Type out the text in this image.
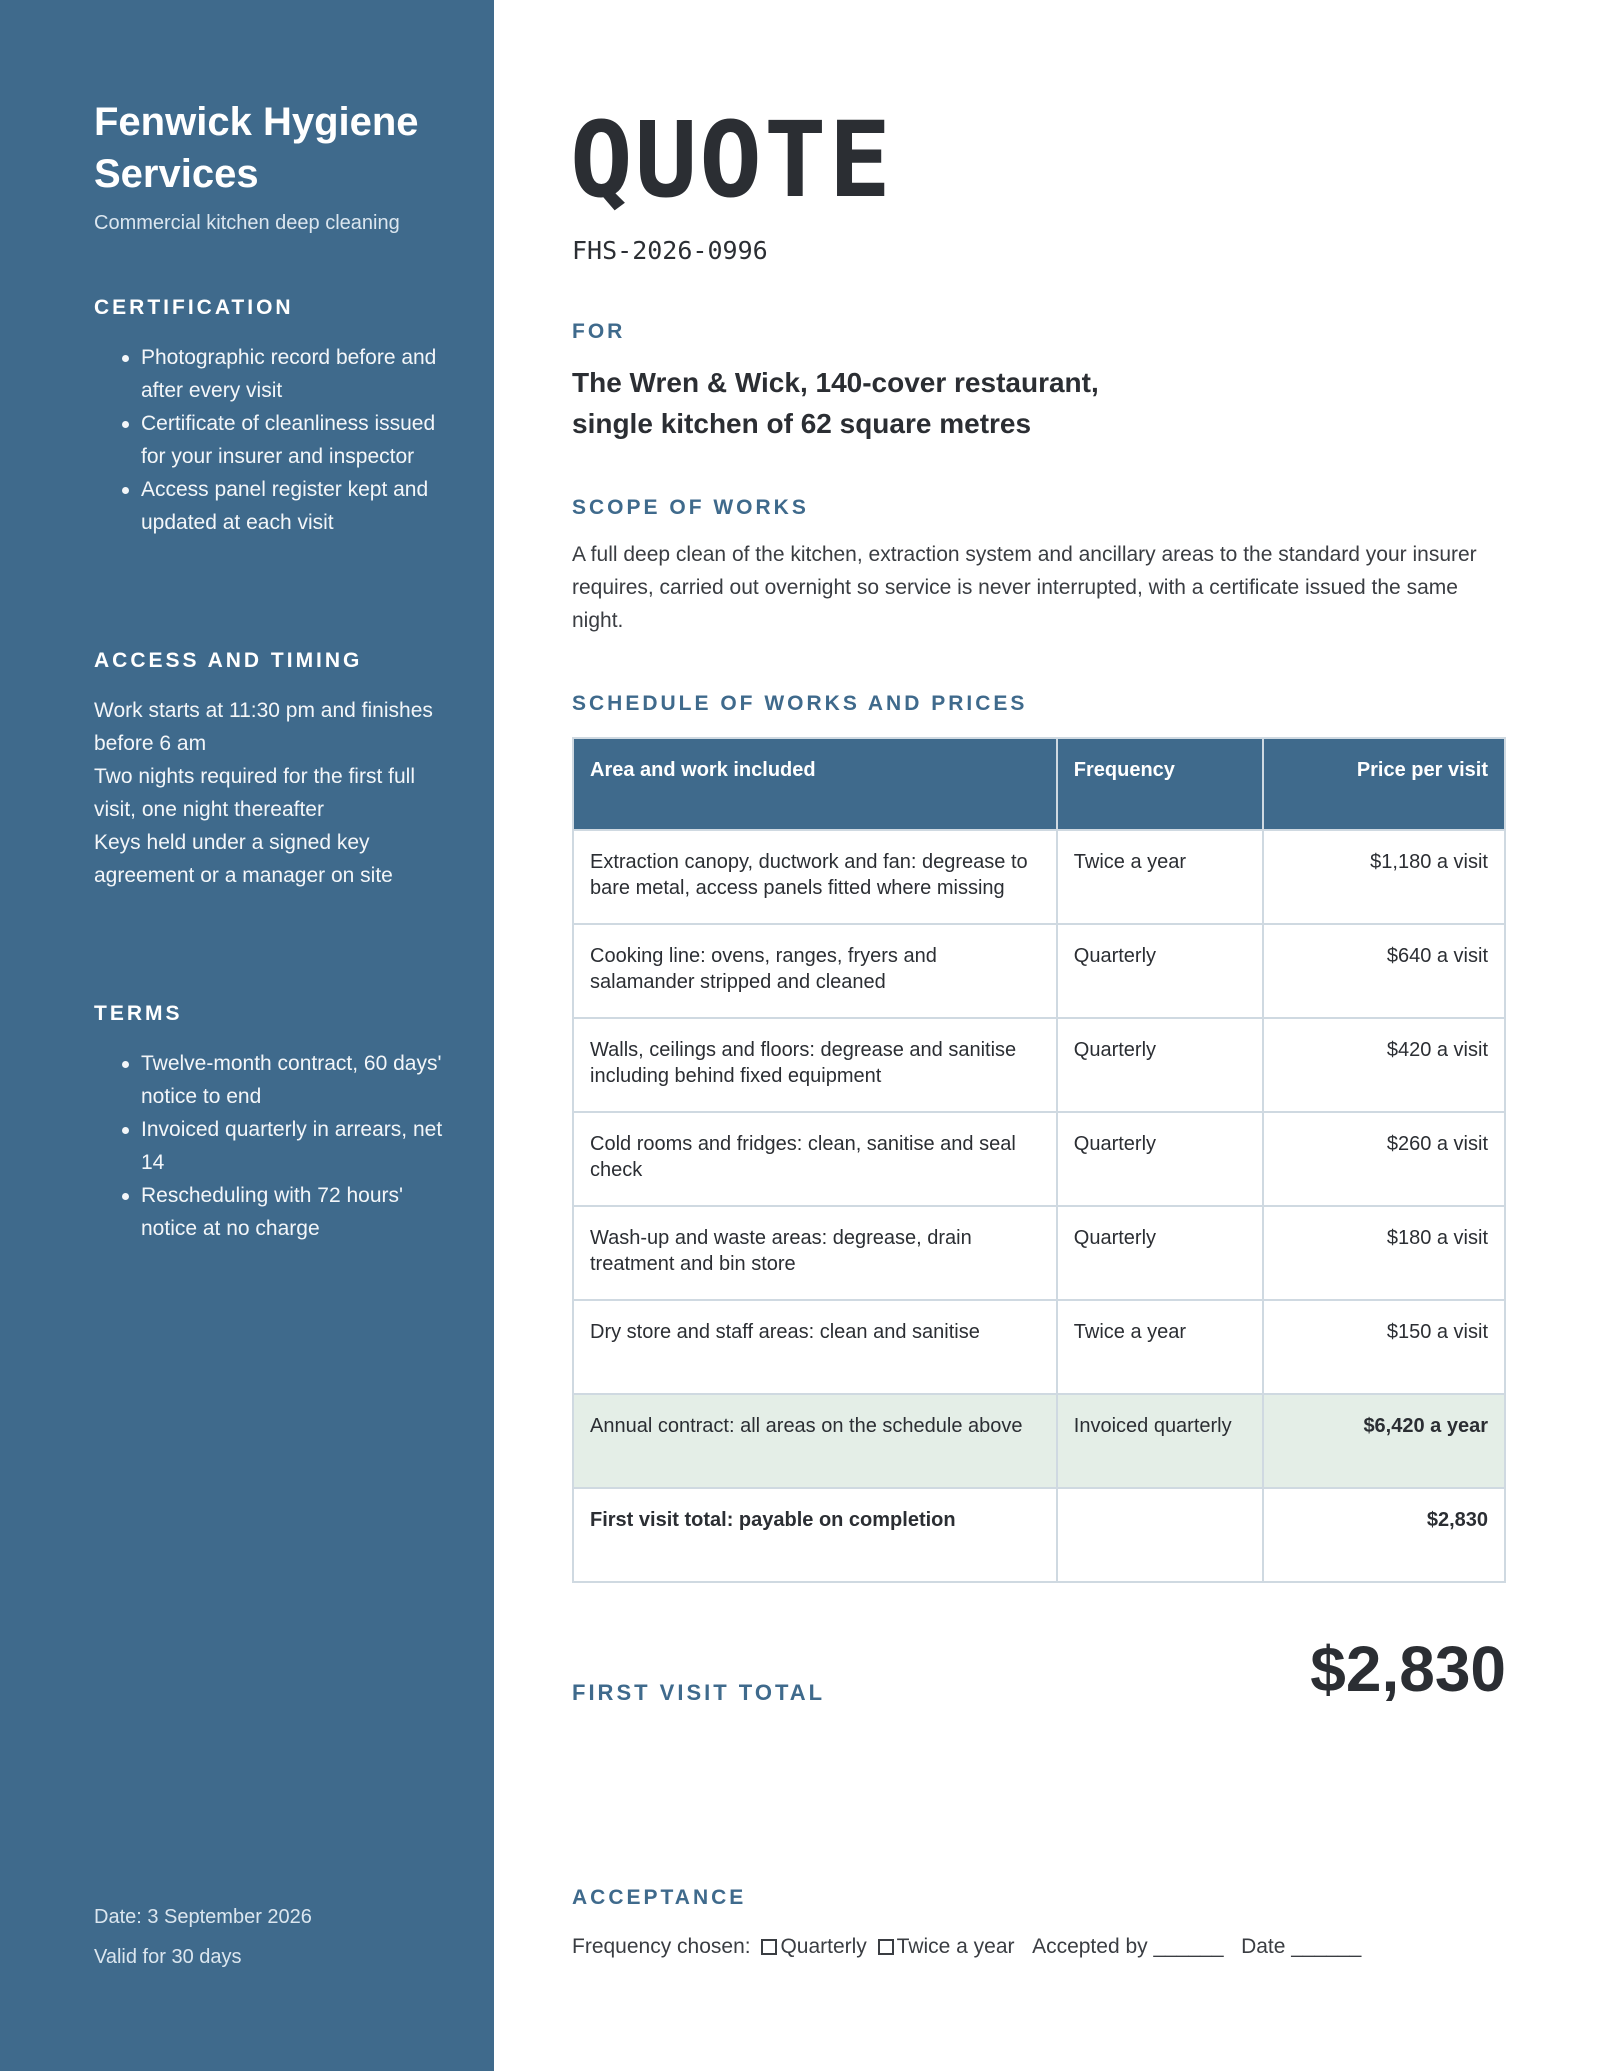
Fenwick Hygiene Services
Commercial kitchen deep cleaning
CERTIFICATION
Photographic record before and after every visit
Certificate of cleanliness issued for your insurer and inspector
Access panel register kept and updated at each visit
ACCESS AND TIMING
Work starts at 11:30 pm and finishes before 6 am
Two nights required for the first full visit, one night thereafter
Keys held under a signed key agreement or a manager on site
TERMS
Twelve-month contract, 60 days' notice to end
Invoiced quarterly in arrears, net 14
Rescheduling with 72 hours' notice at no charge
Date: 3 September 2026
Valid for 30 days
QUOTE
FHS-2026-0996
FOR
The Wren & Wick, 140-cover restaurant, single kitchen of 62 square metres
SCOPE OF WORKS
A full deep clean of the kitchen, extraction system and ancillary areas to the standard your insurer requires, carried out overnight so service is never interrupted, with a certificate issued the same night.
SCHEDULE OF WORKS AND PRICES
Area and work included	Frequency	Price per visit
Extraction canopy, ductwork and fan: degrease to bare metal, access panels fitted where missing	Twice a year	$1,180 a visit
Cooking line: ovens, ranges, fryers and salamander stripped and cleaned	Quarterly	$640 a visit
Walls, ceilings and floors: degrease and sanitise including behind fixed equipment	Quarterly	$420 a visit
Cold rooms and fridges: clean, sanitise and seal check	Quarterly	$260 a visit
Wash-up and waste areas: degrease, drain treatment and bin store	Quarterly	$180 a visit
Dry store and staff areas: clean and sanitise	Twice a year	$150 a visit
Annual contract: all areas on the schedule above	Invoiced quarterly	$6,420 a year
First visit total: payable on completion		$2,830
FIRST VISIT TOTAL	$2,830
ACCEPTANCE
Frequency chosen: Quarterly Twice a year Accepted by ______ Date ______
